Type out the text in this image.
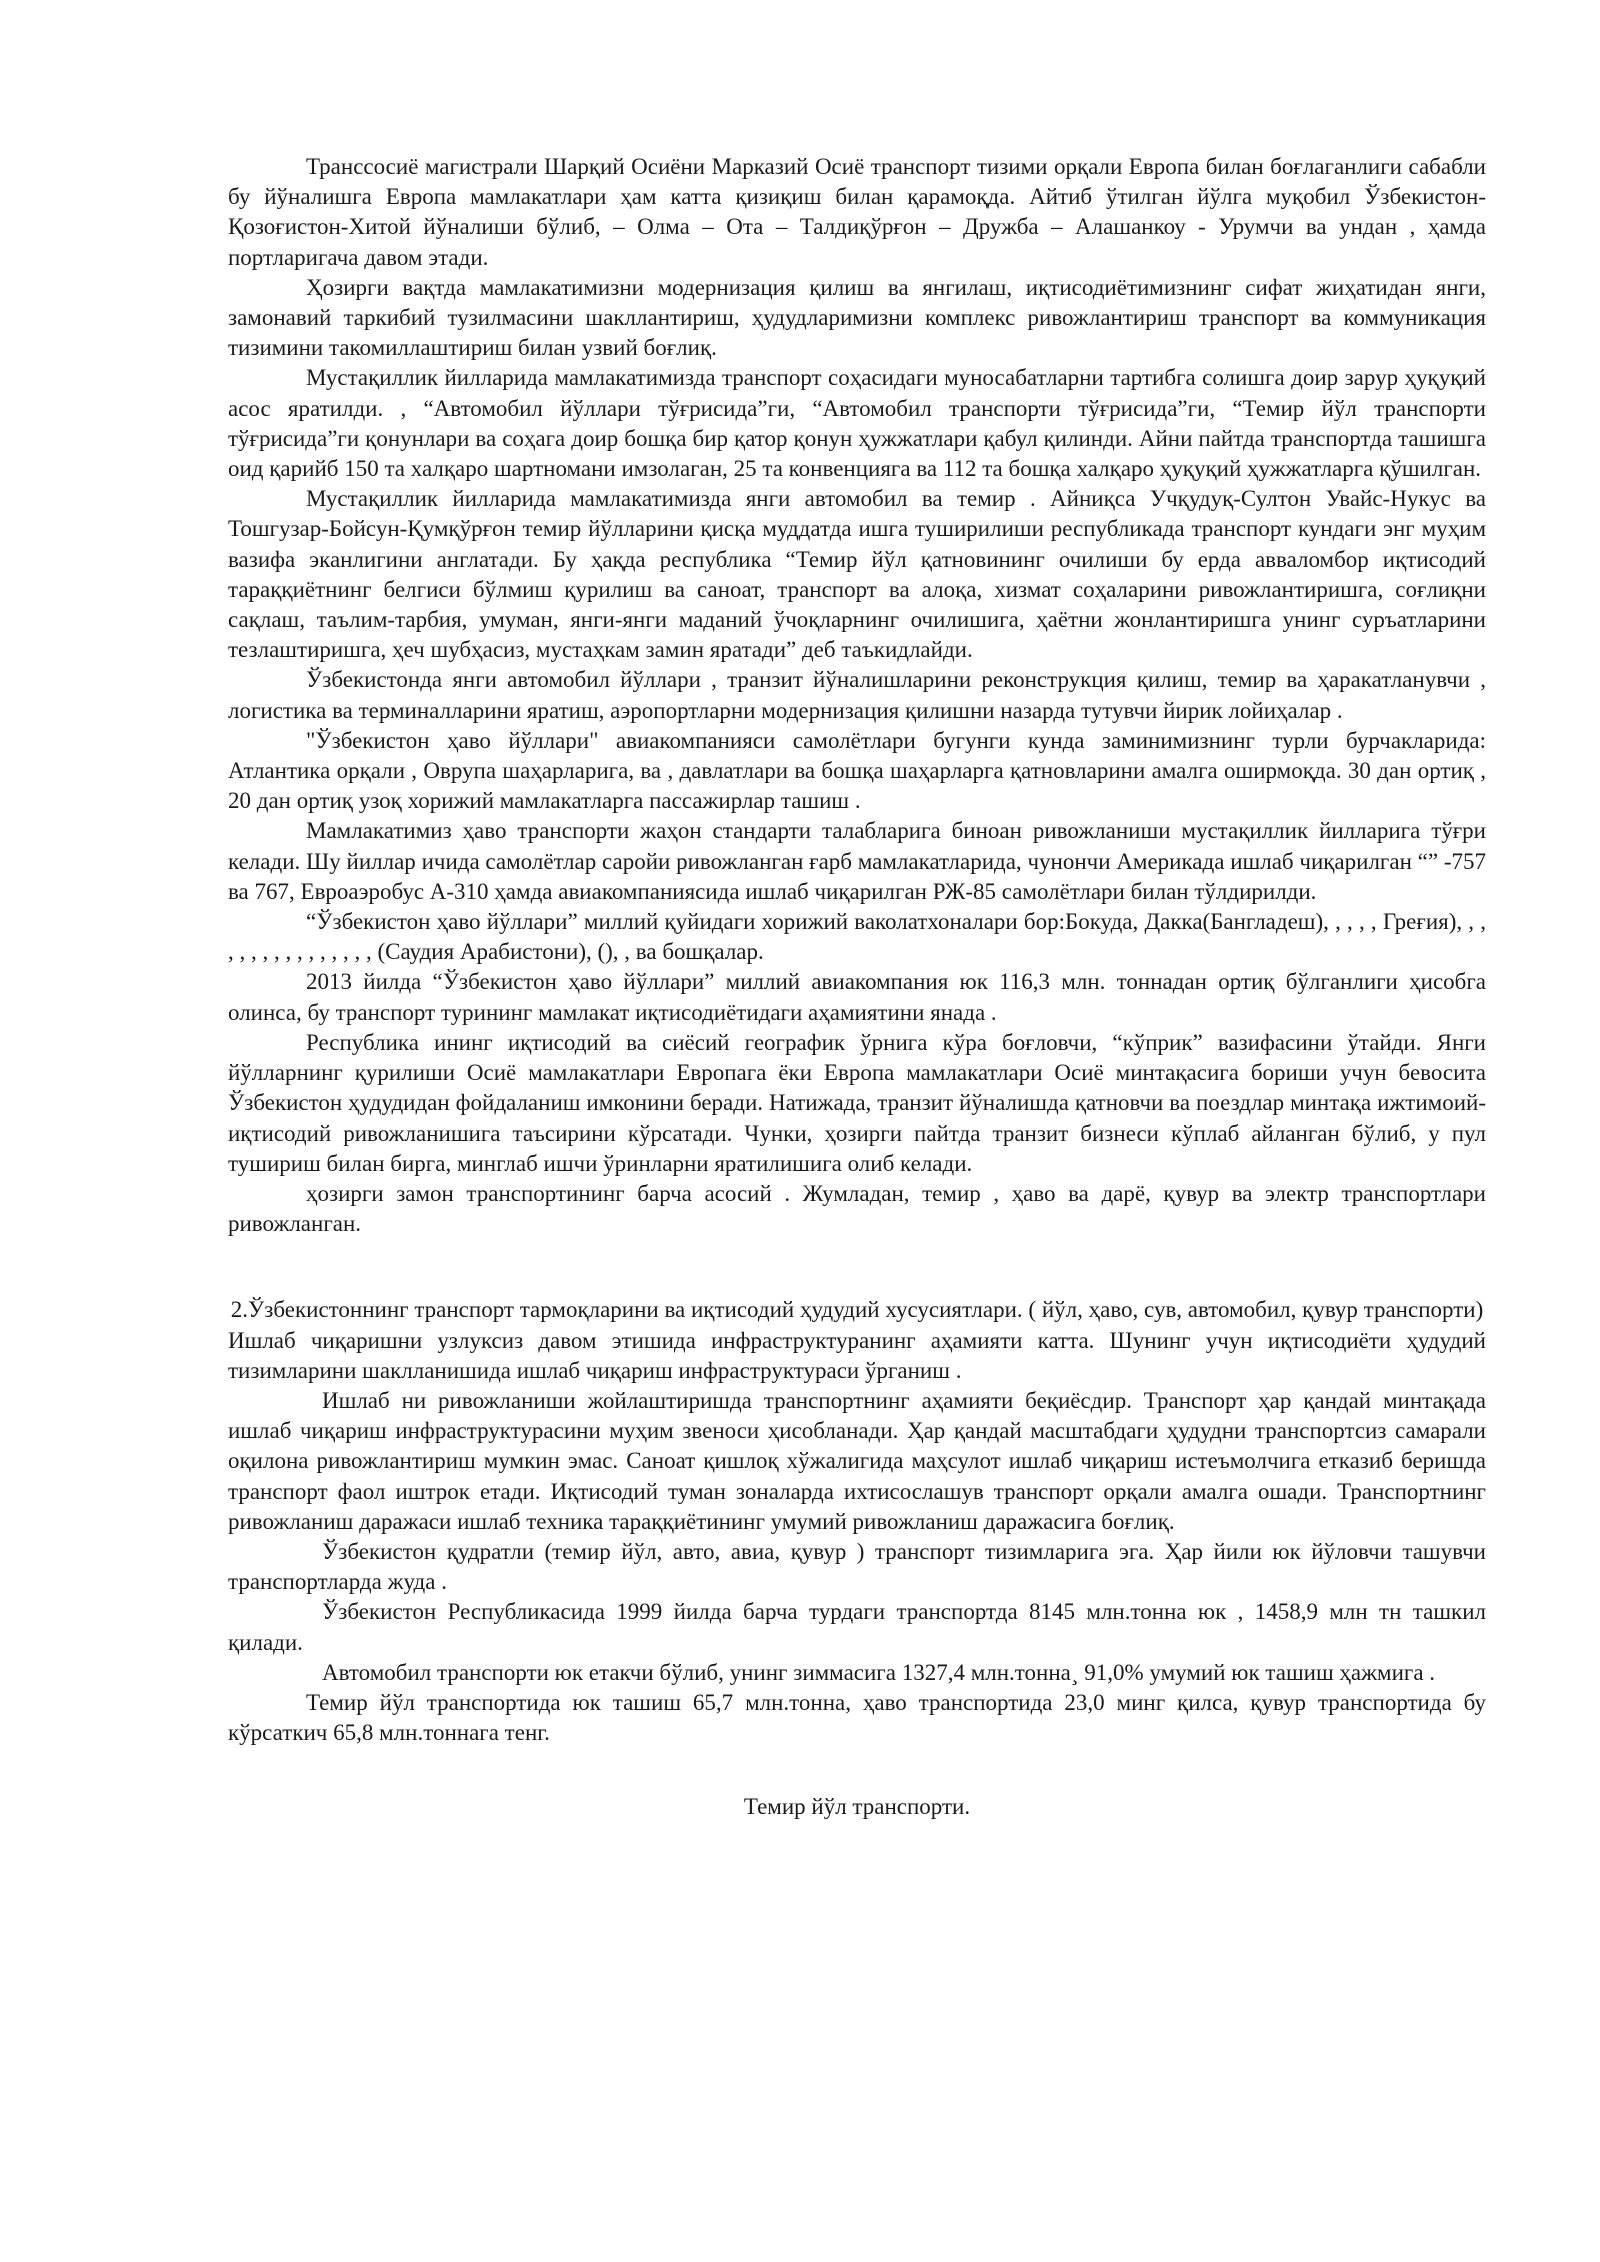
Транссосиё магистрали Шарқий Осиёни Марказий Осиё транспорт тизими орқали Европа билан боғлаганлиги сабабли бу йўналишга Европа мамлакатлари ҳам катта қизиқиш билан қарамоқда. Айтиб ўтилган йўлга муқобил Ўзбекистон-Қозоғистон-Хитой йўналиши бўлиб, – Олма – Ота – Талдиқўрғон – Дружба – Алашанкоу - Урумчи ва ундан , ҳамда портларигача давом этади.

Ҳозирги вақтда мамлакатимизни модернизация қилиш ва янгилаш, иқтисодиётимизнинг сифат жиҳатидан янги, замонавий таркибий тузилмасини шакллантириш, ҳудудларимизни комплекс ривожлантириш транспорт ва коммуникация тизимини такомиллаштириш билан узвий боғлиқ.

Мустақиллик йилларида мамлакатимизда транспорт соҳасидаги муносабатларни тартибга солишга доир зарур ҳуқуқий асос яратилди. , “Автомобил йўллари тўғрисида”ги, “Автомобил транспорти тўғрисида”ги, “Темир йўл транспорти тўғрисида”ги қонунлари ва соҳага доир бошқа бир қатор қонун ҳужжатлари қабул қилинди. Айни пайтда транспортда ташишга оид қарийб 150 та халқаро шартномани имзолаган, 25 та конвенцияга ва 112 та бошқа халқаро ҳуқуқий ҳужжатларга қўшилган.

Мустақиллик йилларида мамлакатимизда янги автомобил ва темир . Айниқса Учқудуқ-Султон Увайс-Нукус ва Тошгузар-Бойсун-Қумқўрғон темир йўлларини қисқа муддатда ишга туширилиши республикада транспорт кундаги энг муҳим вазифа эканлигини англатади. Бу ҳақда республика “Темир йўл қатновининг очилиши бу ерда авваломбор иқтисодий тараққиётнинг белгиси бўлмиш қурилиш ва саноат, транспорт ва алоқа, хизмат соҳаларини ривожлантиришга, соғлиқни сақлаш, таълим-тарбия, умуман, янги-янги маданий ўчоқларнинг очилишига, ҳаётни жонлантиришга унинг суръатларини тезлаштиришга, ҳеч шубҳасиз, мустаҳкам замин яратади” деб таъкидлайди.

Ўзбекистонда янги автомобил йўллари , транзит йўналишларини реконструкция қилиш, темир ва ҳаракатланувчи , логистика ва терминалларини яратиш, аэропортларни модернизация қилишни назарда тутувчи йирик лойиҳалар .

"Ўзбекистон ҳаво йўллари" авиакомпанияси самолётлари бугунги кунда заминимизнинг турли бурчакларида: Атлантика орқали , Оврупа шаҳарларига, ва , давлатлари ва бошқа шаҳарларга қатновларини амалга оширмоқда. 30 дан ортиқ , 20 дан ортиқ узоқ хорижий мамлакатларга пассажирлар ташиш .

Мамлакатимиз ҳаво транспорти жаҳон стандарти талабларига биноан ривожланиши мустақиллик йилларига тўғри келади. Шу йиллар ичида самолётлар саройи ривожланган ғарб мамлакатларида, чунончи Америкада ишлаб чиқарилган “” -757 ва 767, Евроаэробус А-310 ҳамда авиакомпаниясида ишлаб чиқарилган РЖ-85 самолётлари билан тўлдирилди.

“Ўзбекистон ҳаво йўллари” миллий қуйидаги хорижий ваколатхоналари бор:Бокуда, Дакка(Бангладеш), , , , , Греғия), , , , , , , , , , , , , , , , (Саудия Арабистони), (), , ва бошқалар.

2013 йилда “Ўзбекистон ҳаво йўллари” миллий авиакомпания юк 116,3 млн. тоннадан ортиқ бўлганлиги ҳисобга олинса, бу транспорт турининг мамлакат иқтисодиётидаги аҳамиятини янада .

Республика ининг иқтисодий ва сиёсий географик ўрнига кўра боғловчи, “кўприк” вазифасини ўтайди. Янги йўлларнинг қурилиши Осиё мамлакатлари Европага ёки Европа мамлакатлари Осиё минтақасига бориши учун бевосита Ўзбекистон ҳудудидан фойдаланиш имконини беради. Натижада, транзит йўналишда қатновчи ва поездлар минтақа ижтимоий-иқтисодий ривожланишига таъсирини кўрсатади. Чунки, ҳозирги пайтда транзит бизнеси кўплаб айланган бўлиб, у пул тушириш билан бирга, минглаб ишчи ўринларни яратилишига олиб келади.

ҳозирги замон транспортининг барча асосий . Жумладан, темир , ҳаво ва дарё, қувур ва электр транспортлари ривожланган.

2.Ўзбекистоннинг транспорт тармоқларини ва иқтисодий ҳудудий хусусиятлари. ( йўл, ҳаво, сув, автомобил, қувур транспорти)

Ишлаб чиқаришни узлуксиз давом этишида инфраструктуранинг аҳамияти катта. Шунинг учун иқтисодиёти ҳудудий тизимларини шаклланишида ишлаб чиқариш инфраструктураси ўрганиш .

Ишлаб ни ривожланиши жойлаштиришда транспортнинг аҳамияти беқиёсдир. Транспорт ҳар қандай минтақада ишлаб чиқариш инфраструктурасини муҳим звеноси ҳисобланади. Ҳар қандай масштабдаги ҳудудни транспортсиз самарали оқилона ривожлантириш мумкин эмас. Саноат қишлоқ хўжалигида маҳсулот ишлаб чиқариш истеъмолчига етказиб беришда транспорт фаол иштрок етади. Иқтисодий туман зоналарда ихтисослашув транспорт орқали амалга ошади. Транспортнинг ривожланиш даражаси ишлаб техника тараққиётининг умумий ривожланиш даражасига боғлиқ.

Ўзбекистон қудратли (темир йўл, авто, авиа, қувур ) транспорт тизимларига эга. Ҳар йили юк йўловчи ташувчи транспортларда жуда .

Ўзбекистон Республикасида 1999 йилда барча турдаги транспортда 8145 млн.тонна юк , 1458,9 млн тн ташкил қилади.

Автомобил транспорти юк етакчи бўлиб, унинг зиммасига 1327,4 млн.тонна¸ 91,0% умумий юк ташиш ҳажмига .

Темир йўл транспортида юк ташиш 65,7 млн.тонна, ҳаво транспортида 23,0 минг қилса, қувур транспортида бу кўрсаткич 65,8 млн.тоннага тенг.

Темир йўл транспорти.
